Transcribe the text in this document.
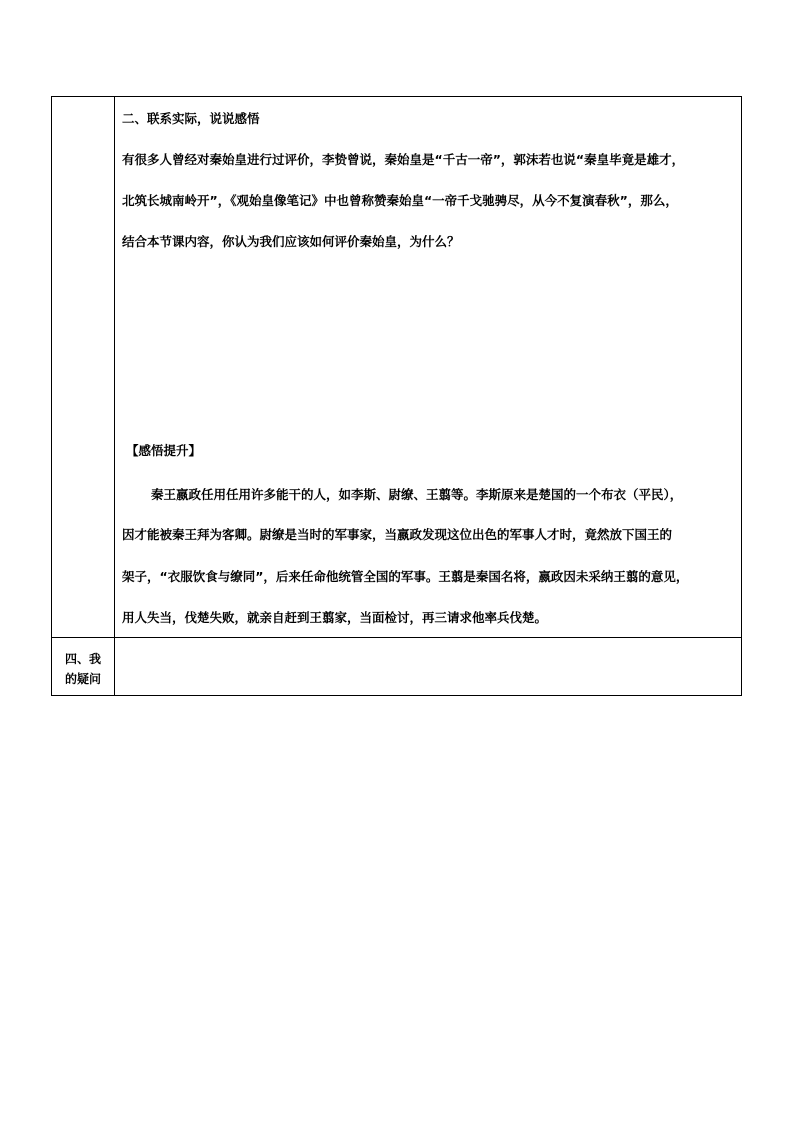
二、联系实际，说说感悟
有很多人曾经对秦始皇进行过评价，李贽曾说，秦始皇是“千古一帝”，郭沫若也说“秦皇毕竟是雄才，
北筑长城南岭开”，《观始皇像笔记》中也曾称赞秦始皇“一帝千戈驰骋尽，从今不复演春秋”，那么，
结合本节课内容，你认为我们应该如何评价秦始皇，为什么？
【感悟提升】
秦王嬴政任用任用许多能干的人，如李斯、尉缭、王翦等。李斯原来是楚国的一个布衣（平民），
因才能被秦王拜为客卿。尉缭是当时的军事家，当嬴政发现这位出色的军事人才时，竟然放下国王的
架子，“衣服饮食与缭同”，后来任命他统管全国的军事。王翦是秦国名将，嬴政因未采纳王翦的意见，
用人失当，伐楚失败，就亲自赶到王翦家，当面检讨，再三请求他率兵伐楚。
四、我
的疑问
